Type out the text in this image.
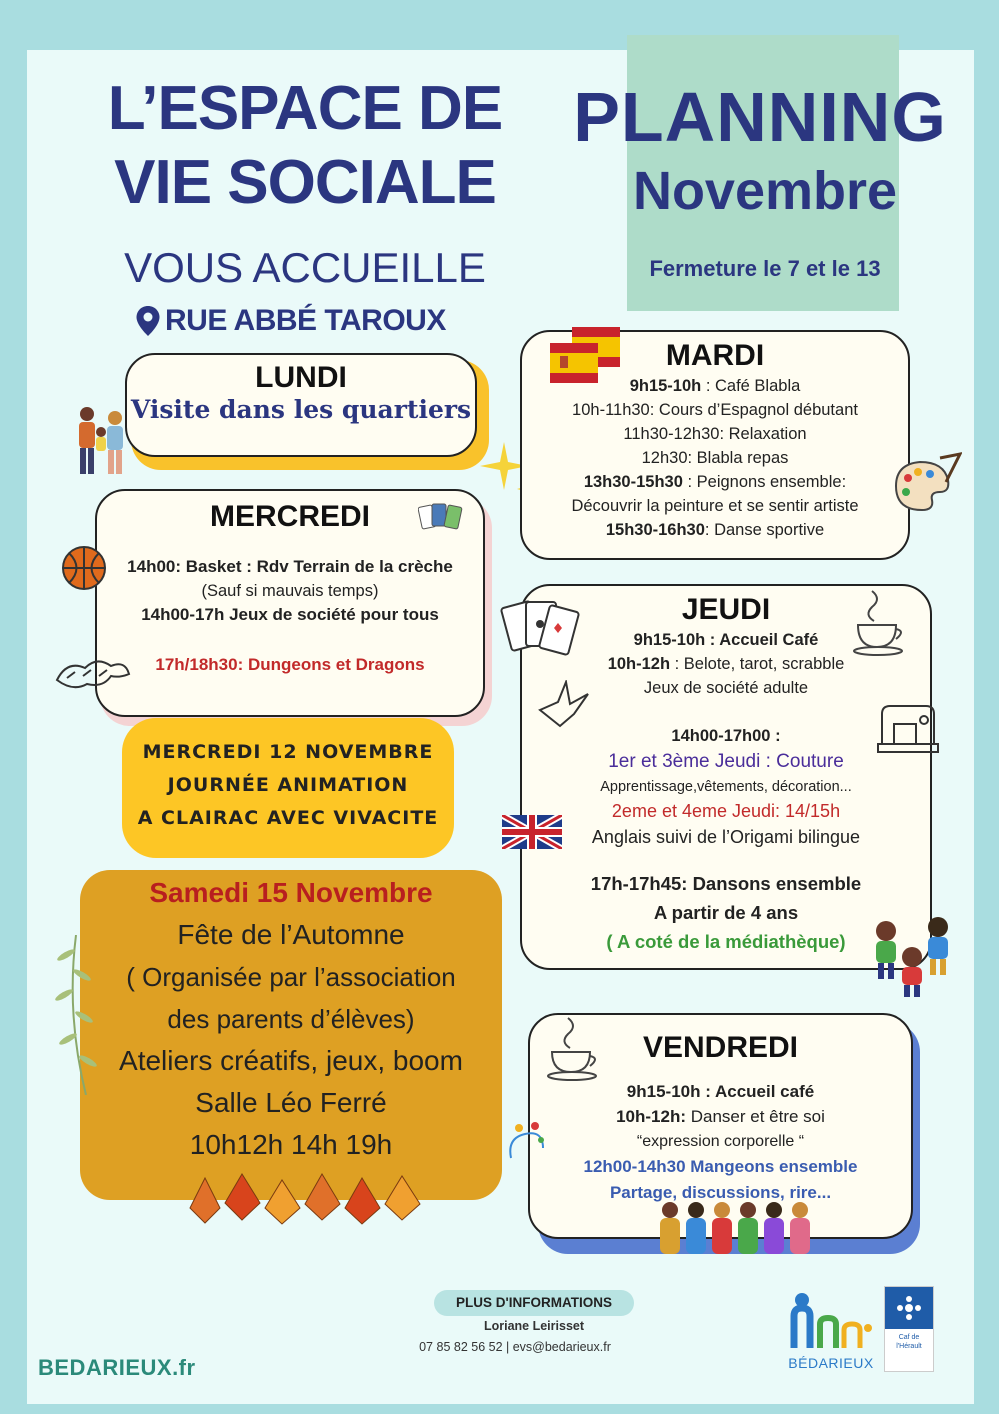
L’ESPACE DE
VIE SOCIALE
VOUS ACCUEILLE
RUE ABBÉ TAROUX
PLANNING
Novembre
Fermeture le 7 et le 13
LUNDI
Visite dans les quartiers
MERCREDI
14h00: Basket : Rdv Terrain de la crèche
(Sauf si mauvais temps)
14h00-17h Jeux de société pour tous
17h/18h30: Dungeons et Dragons
MERCREDI 12 NOVEMBRE
JOURNÉE ANIMATION
A CLAIRAC AVEC VIVACITE
Samedi 15 Novembre
Fête de l’Automne
( Organisée par l’association
des parents d’élèves)
Ateliers créatifs, jeux, boom
Salle Léo Ferré
10h12h 14h 19h
MARDI
9h15-10h : Café Blabla
10h-11h30: Cours d’Espagnol débutant
11h30-12h30: Relaxation
12h30: Blabla repas
13h30-15h30 : Peignons ensemble:
Découvrir la peinture et se sentir artiste
15h30-16h30: Danse sportive
JEUDI
9h15-10h : Accueil Café
10h-12h : Belote, tarot, scrabble
Jeux de société adulte
14h00-17h00 :
1er et 3ème Jeudi : Couture
Apprentissage,vêtements, décoration...
2eme et 4eme Jeudi: 14/15h
Anglais suivi de l’Origami bilingue
17h-17h45: Dansons ensemble
A partir de 4 ans
( A coté de la médiathèque)
VENDREDI
9h15-10h : Accueil café
10h-12h: Danser et être soi
“expression corporelle “
12h00-14h30 Mangeons ensemble
Partage, discussions, rire...
PLUS D'INFORMATIONS
Loriane Leirisset
07 85 82 56 52 | evs@bedarieux.fr
BEDARIEUX.fr	BÉDARIEUX
Caf de l'Hérault
